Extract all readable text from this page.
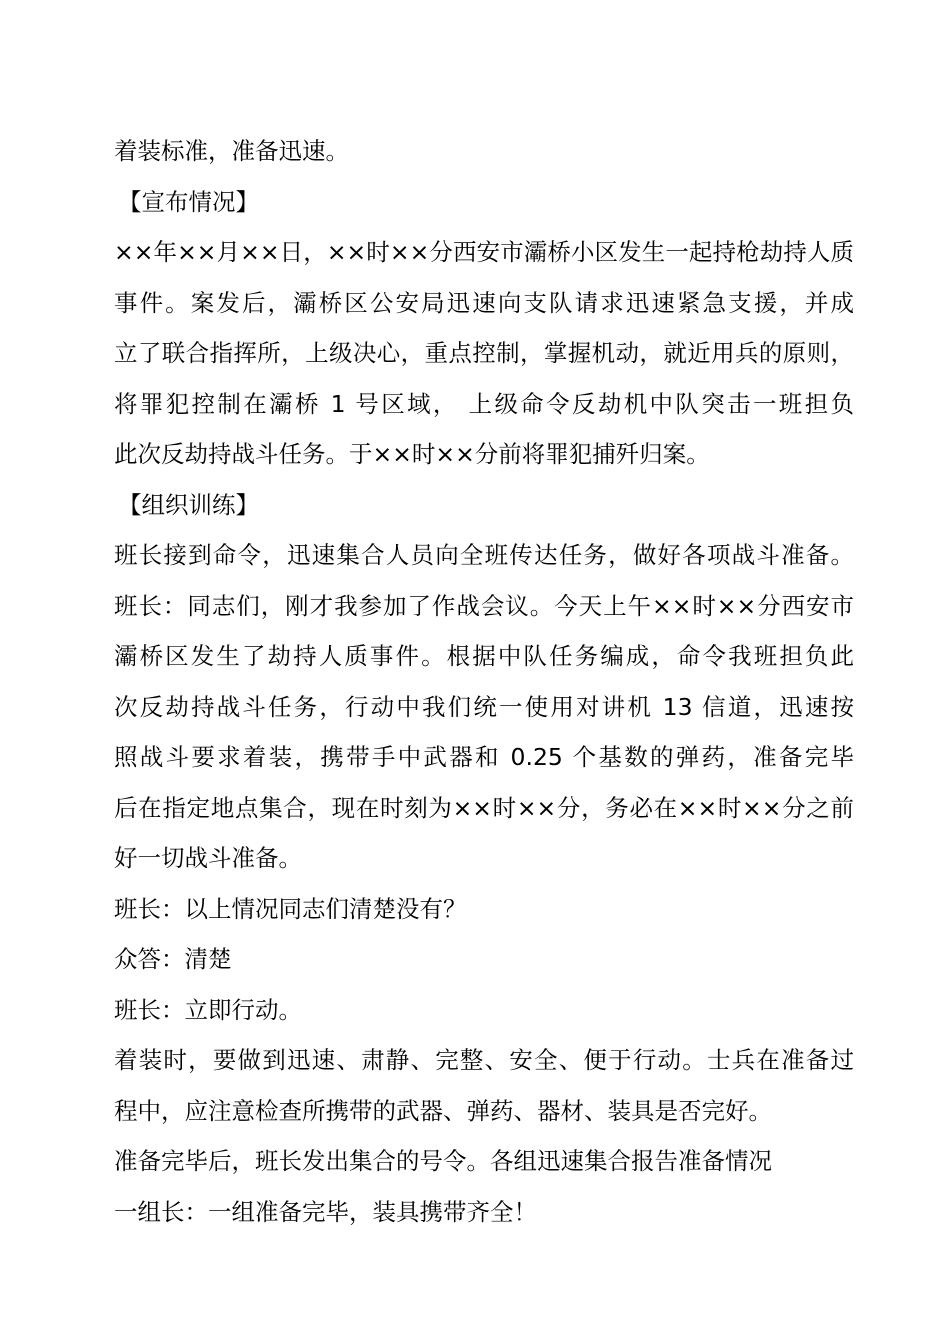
着装标准，准备迅速。
【宣布情况】
××年××月××日，××时××分西安市灞桥小区发生一起持枪劫持人质
事件。案发后，灞桥区公安局迅速向支队请求迅速紧急支援，并成
立了联合指挥所，上级决心，重点控制，掌握机动，就近用兵的原则，
将罪犯控制在灞桥 1 号区域， 上级命令反劫机中队突击一班担负
此次反劫持战斗任务。于××时××分前将罪犯捕歼归案。
【组织训练】
班长接到命令，迅速集合人员向全班传达任务，做好各项战斗准备。
班长：同志们，刚才我参加了作战会议。今天上午××时××分西安市
灞桥区发生了劫持人质事件。根据中队任务编成，命令我班担负此
次反劫持战斗任务，行动中我们统一使用对讲机 13 信道，迅速按
照战斗要求着装，携带手中武器和 0.25 个基数的弹药，准备完毕
后在指定地点集合，现在时刻为××时××分，务必在××时××分之前
好一切战斗准备。
班长：以上情况同志们清楚没有？
众答：清楚
班长：立即行动。
着装时，要做到迅速、肃静、完整、安全、便于行动。士兵在准备过
程中，应注意检查所携带的武器、弹药、器材、装具是否完好。
准备完毕后，班长发出集合的号令。各组迅速集合报告准备情况
一组长：一组准备完毕，装具携带齐全！
